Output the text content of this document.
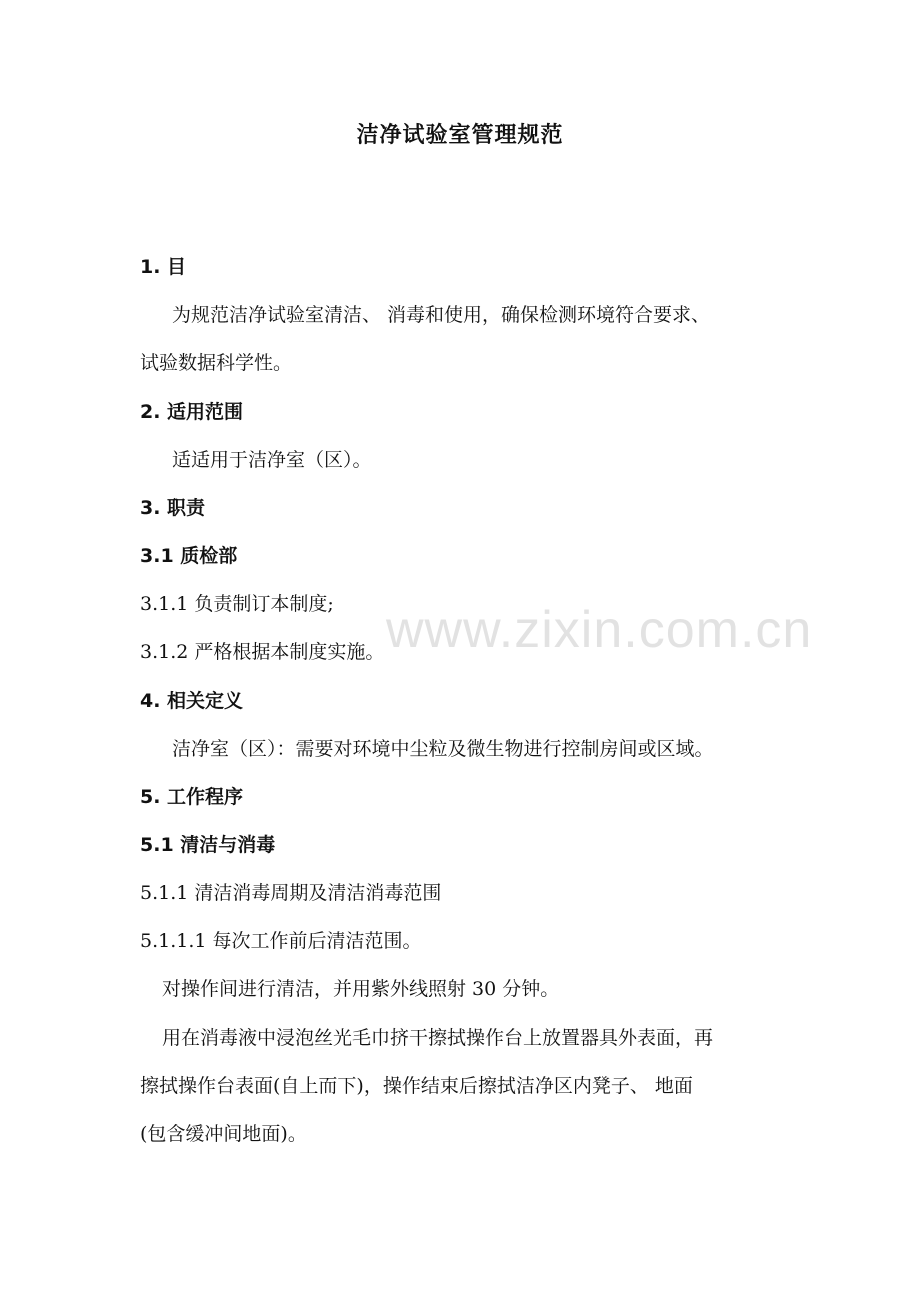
洁净试验室管理规范
1. 目
为规范洁净试验室清洁、 消毒和使用，确保检测环境符合要求、
试验数据科学性。
2. 适用范围
适适用于洁净室（区）。
3. 职责
3.1 质检部
3.1.1 负责制订本制度;
3.1.2 严格根据本制度实施。
4. 相关定义
洁净室（区）：需要对环境中尘粒及微生物进行控制房间或区域。
5. 工作程序
5.1 清洁与消毒
5.1.1 清洁消毒周期及清洁消毒范围
5.1.1.1 每次工作前后清洁范围。
对操作间进行清洁，并用紫外线照射 30 分钟。
用在消毒液中浸泡丝光毛巾挤干擦拭操作台上放置器具外表面，再
擦拭操作台表面(自上而下)，操作结束后擦拭洁净区内凳子、 地面
(包含缓冲间地面)。
www.zixin.com.cn
